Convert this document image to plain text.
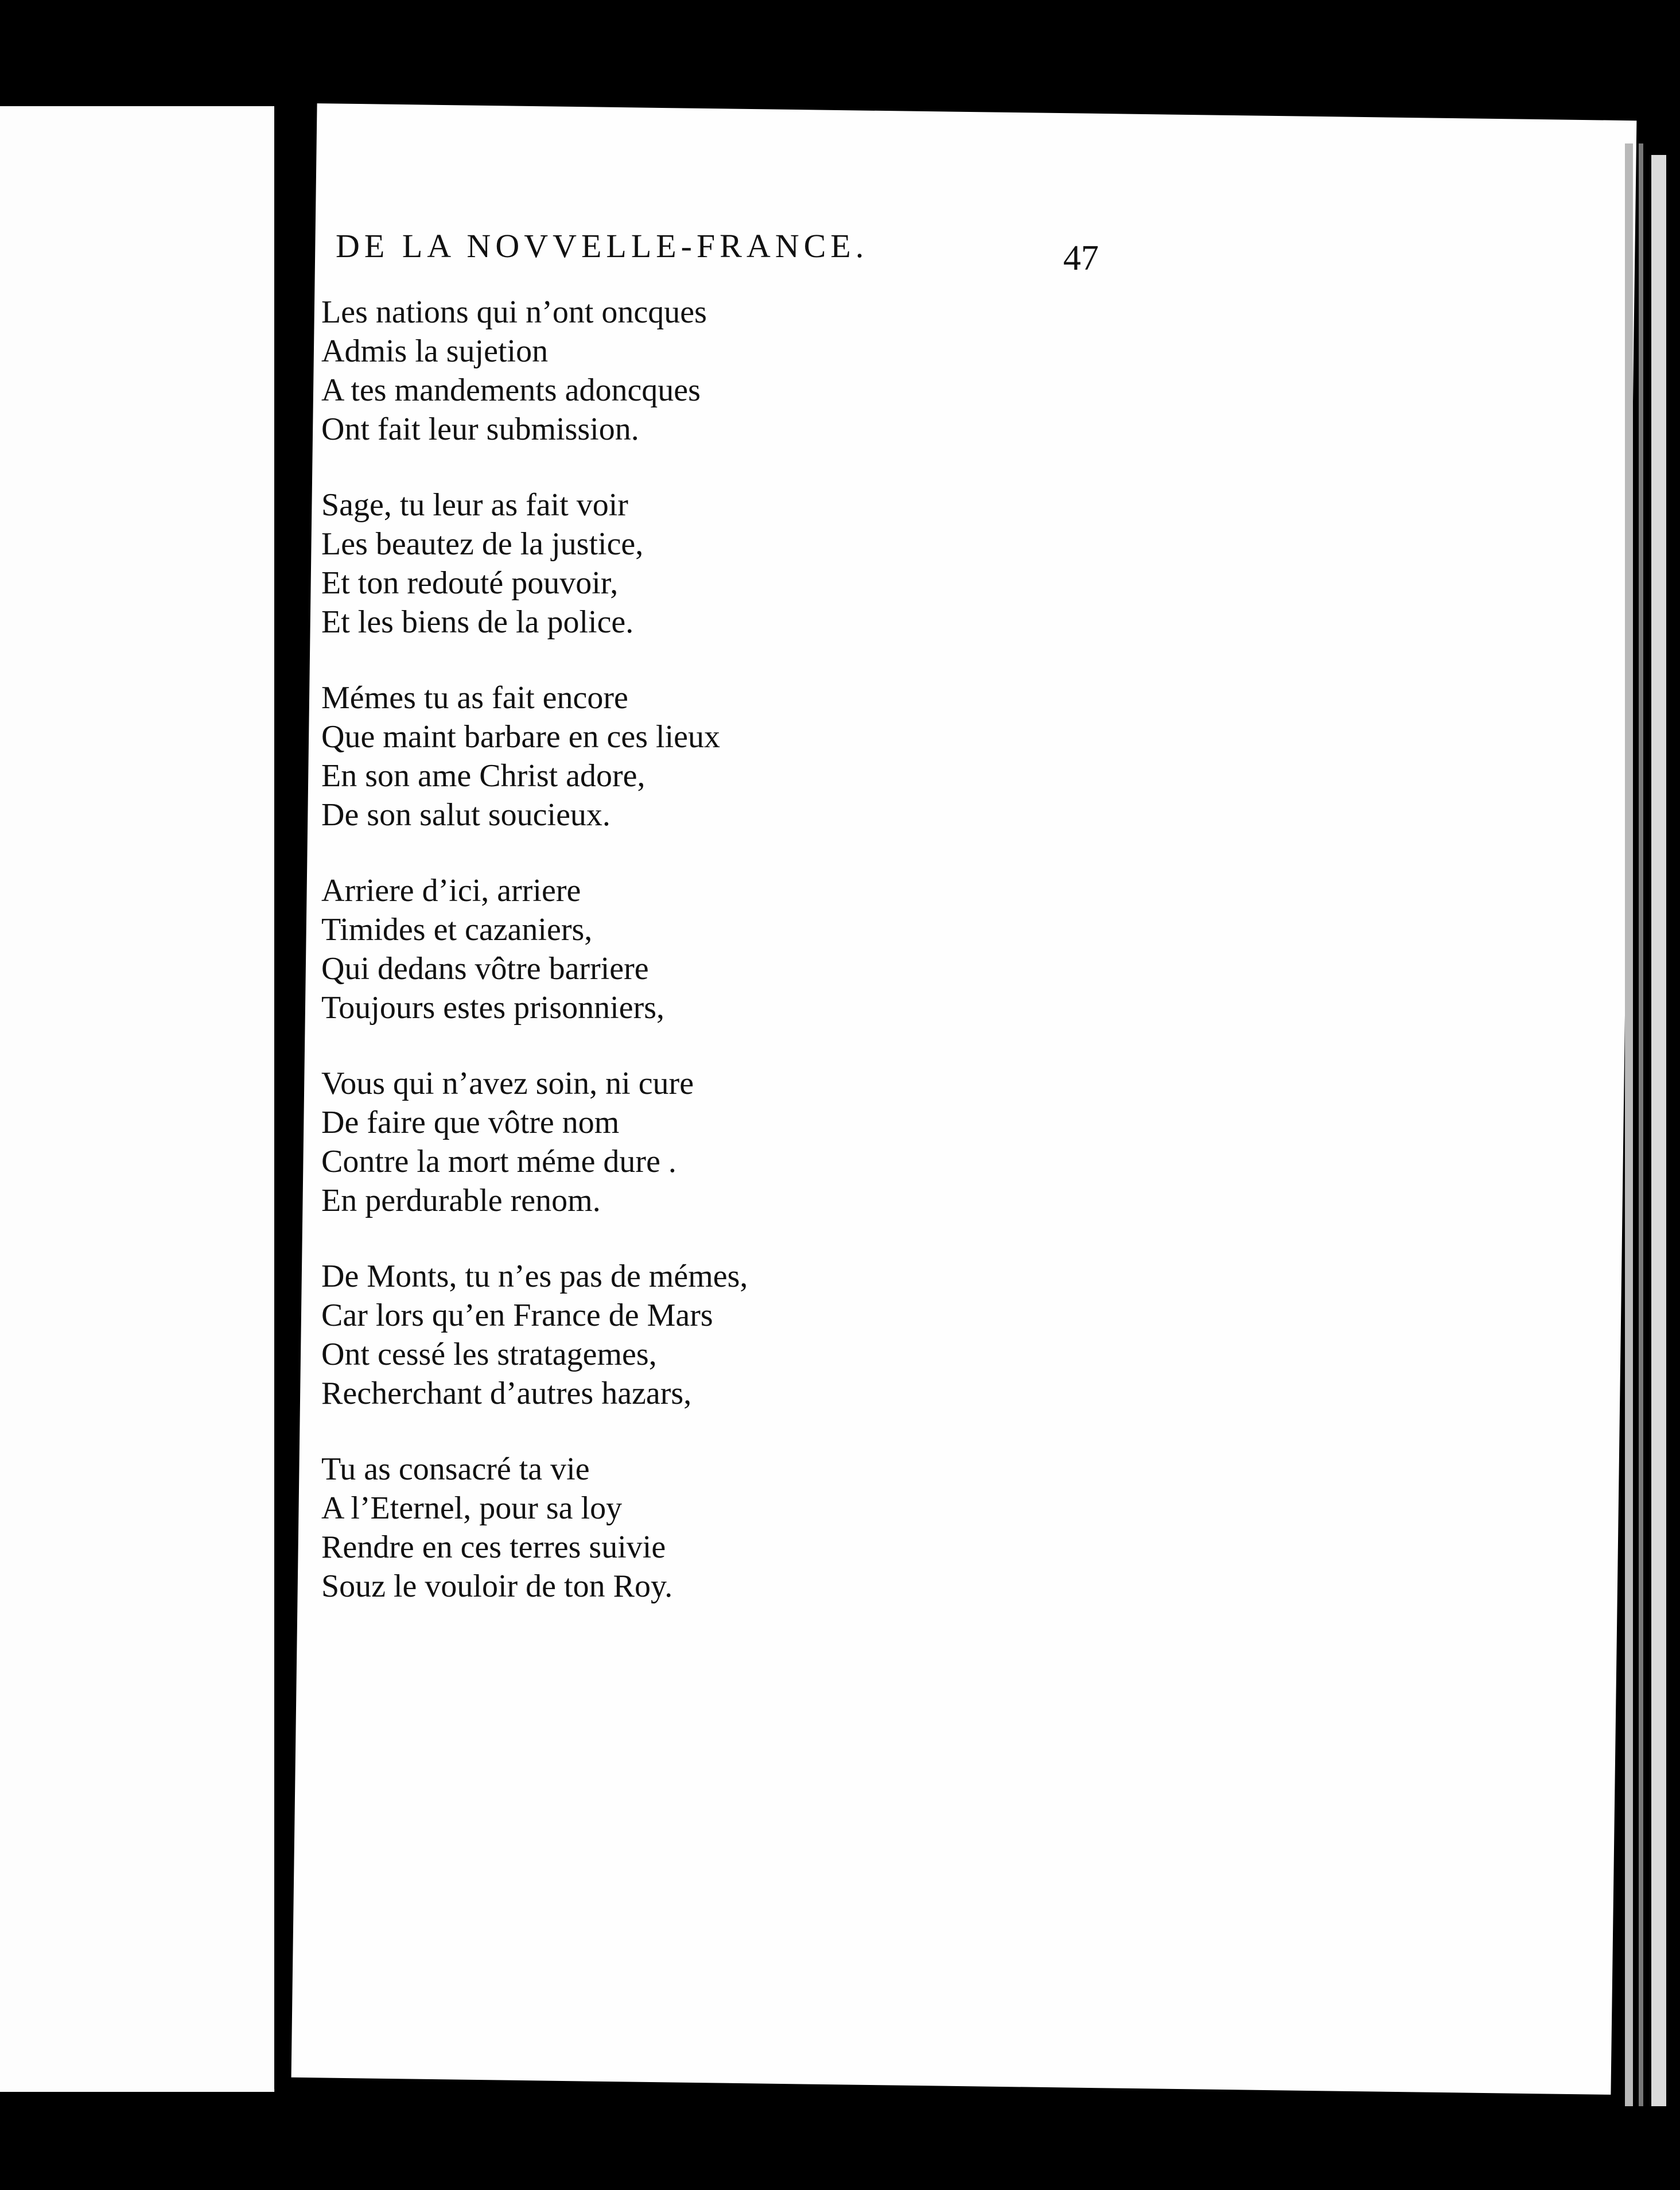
DE LA NOVVELLE-FRANCE.	47
Les nations qui n’ont oncques
Admis la sujetion
A tes mandements adoncques
Ont fait leur submission.
Sage, tu leur as fait voir
Les beautez de la justice,
Et ton redouté pouvoir,
Et les biens de la police.
Mémes tu as fait encore
Que maint barbare en ces lieux
En son ame Christ adore,
De son salut soucieux.
Arriere d’ici, arriere
Timides et cazaniers,
Qui dedans vôtre barriere
Toujours estes prisonniers,
Vous qui n’avez soin, ni cure
De faire que vôtre nom
Contre la mort méme dure .
En perdurable renom.
De Monts, tu n’es pas de mémes,
Car lors qu’en France de Mars
Ont cessé les stratagemes,
Recherchant d’autres hazars,
Tu as consacré ta vie
A l’Eternel, pour sa loy
Rendre en ces terres suivie
Souz le vouloir de ton Roy.
